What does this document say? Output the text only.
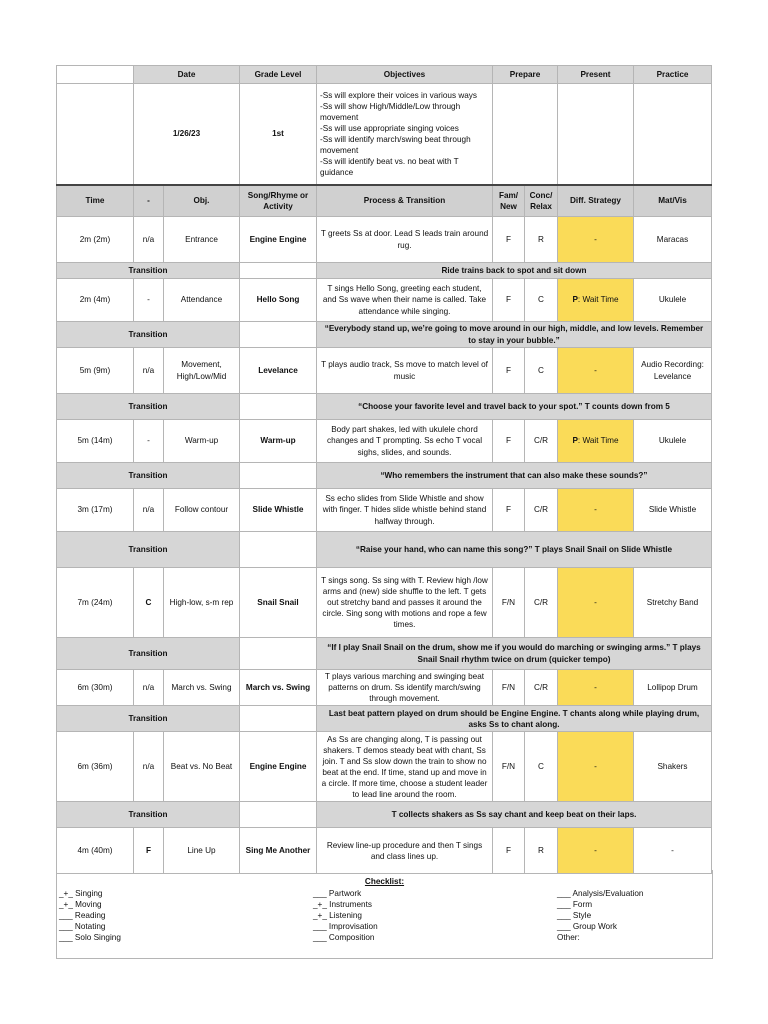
	Date		Grade Level	Objectives	Prepare		Present	Practice
	1/26/23		1st	-Ss will explore their voices in various ways
-Ss will show High/Middle/Low through movement
-Ss will use appropriate singing voices
-Ss will identify march/swing beat through movement
-Ss will identify beat vs. no beat with T guidance				

Time	-	Obj.	Song/Rhyme or Activity	Process & Transition	Fam/ New	Conc/ Relax	Diff. Strategy	Mat/Vis
2m (2m)	n/a	Entrance	Engine Engine	T greets Ss at door. Lead S leads train around rug.	F	R	-	Maracas
Transition				Ride trains back to spot and sit down				
2m (4m)	-	Attendance	Hello Song	T sings Hello Song, greeting each student, and Ss wave when their name is called. Take attendance while singing.	F	C	P: Wait Time	Ukulele
Transition				“Everybody stand up, we’re going to move around in our high, middle, and low levels. Remember to stay in your bubble.”				
5m (9m)	n/a	Movement, High/Low/Mid	Levelance	T plays audio track, Ss move to match level of music	F	C	-	Audio Recording: Levelance
Transition				“Choose your favorite level and travel back to your spot.” T counts down from 5				
5m (14m)	-	Warm-up	Warm-up	Body part shakes, led with ukulele chord changes and T prompting. Ss echo T vocal sighs, slides, and sounds.	F	C/R	P: Wait Time	Ukulele
Transition				“Who remembers the instrument that can also make these sounds?”				
3m (17m)	n/a	Follow contour	Slide Whistle	Ss echo slides from Slide Whistle and show with finger. T hides slide whistle behind stand halfway through.	F	C/R	-	Slide Whistle
Transition				“Raise your hand, who can name this song?” T plays Snail Snail on Slide Whistle				
7m (24m)	C	High-low, s-m rep	Snail Snail	T sings song. Ss sing with T. Review high /low arms and (new) side shuffle to the left. T gets out stretchy band and passes it around the circle. Sing song with motions and rope a few times.	F/N	C/R	-	Stretchy Band
Transition				“If I play Snail Snail on the drum, show me if you would do marching or swinging arms.” T plays Snail Snail rhythm twice on drum (quicker tempo)				
6m (30m)	n/a	March vs. Swing	March vs. Swing	T plays various marching and swinging beat patterns on drum. Ss identify march/swing through movement.	F/N	C/R	-	Lollipop Drum
Transition				Last beat pattern played on drum should be Engine Engine. T chants along while playing drum, asks Ss to chant along.				
6m (36m)	n/a	Beat vs. No Beat	Engine Engine	As Ss are changing along, T is passing out shakers. T demos steady beat with chant, Ss join. T and Ss slow down the train to show no beat at the end. If time, stand up and move in a circle. If more time, choose a student leader to lead line around the room.	F/N	C	-	Shakers
Transition				T collects shakers as Ss say chant and keep beat on their laps.				
4m (40m)	F	Line Up	Sing Me Another	Review line-up procedure and then T sings and class lines up.	F	R	-	-
Checklist:
_+_ Singing
_+_ Moving
___ Reading
___ Notating
___ Solo Singing
___ Partwork
_+_ Instruments
_+_ Listening
___ Improvisation
___ Composition
___ Analysis/Evaluation
___ Form
___ Style
___ Group Work
Other:
